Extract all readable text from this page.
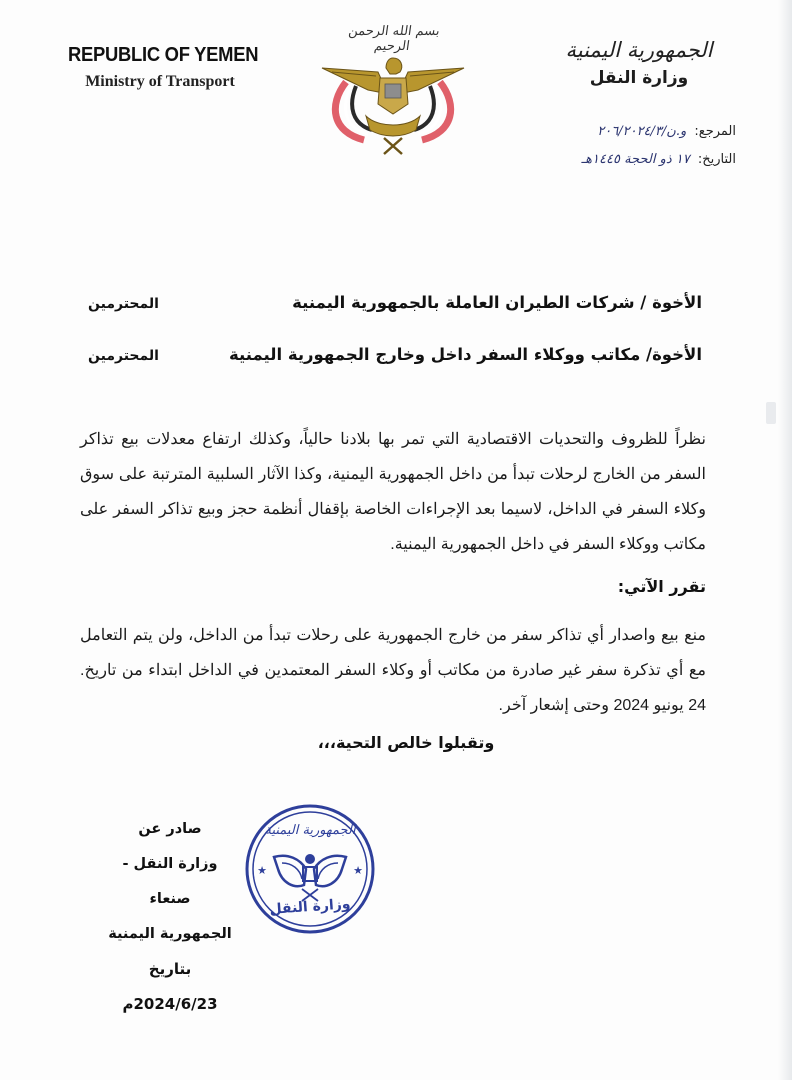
REPUBLIC OF YEMEN
Ministry of Transport
بسم الله الرحمن الرحيم	الجمهورية اليمنية
وزارة النقل
المرجع: و.ن/٢٠٦/٢٠٢٤/٣
التاريخ: ١٧ ذو الحجة ١٤٤٥هـ
الأخوة / شركات الطيران العاملة بالجمهورية اليمنية
المحترمين
الأخوة/ مكاتب ووكلاء السفر داخل وخارج الجمهورية اليمنية
المحترمين

نظراً للظروف والتحديات الاقتصادية التي تمر بها بلادنا حالياً، وكذلك ارتفاع معدلات بيع تذاكر السفر من الخارج لرحلات تبدأ من داخل الجمهورية اليمنية، وكذا الآثار السلبية المترتبة على سوق وكلاء السفر في الداخل، لاسيما بعد الإجراءات الخاصة بإقفال أنظمة حجز وبيع تذاكر السفر على مكاتب ووكلاء السفر في داخل الجمهورية اليمنية.

تقرر الآتي:

منع بيع واصدار أي تذاكر سفر من خارج الجمهورية على رحلات تبدأ من الداخل، ولن يتم التعامل مع أي تذكرة سفر غير صادرة من مكاتب أو وكلاء السفر المعتمدين في الداخل ابتداء من تاريخ. 24 يونيو 2024 وحتى إشعار آخر.

وتقبلوا خالص التحية،،،
صادر عن
وزارة النقل - صنعاء
الجمهورية اليمنية
بتاريخ 2024/6/23م
★	★
الجمهورية اليمنية
وزارة النقل
